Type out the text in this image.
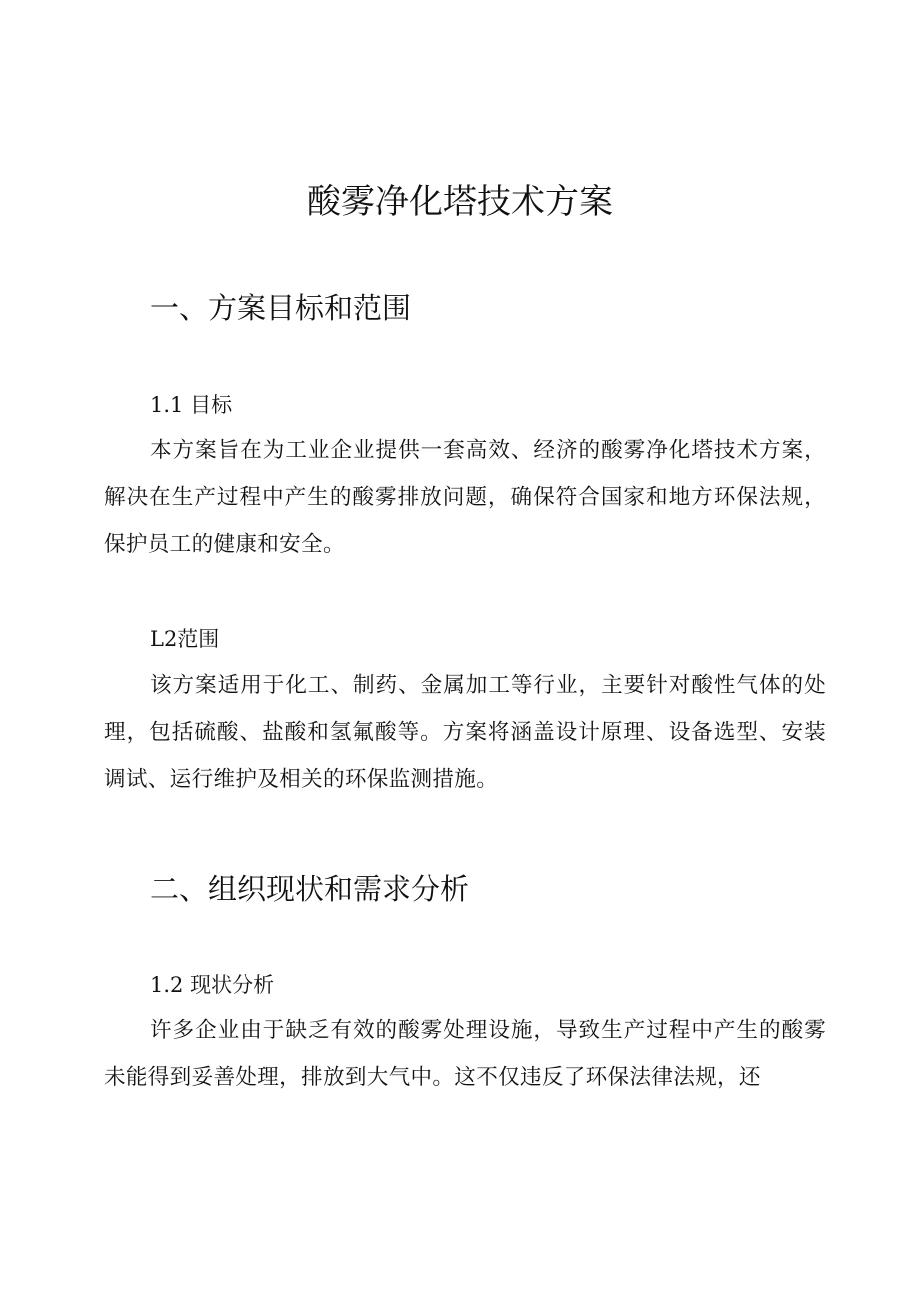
酸雾净化塔技术方案
一、方案目标和范围
1.1 目标

本方案旨在为工业企业提供一套高效、经济的酸雾净化塔技术方案，解决在生产过程中产生的酸雾排放问题，确保符合国家和地方环保法规，保护员工的健康和安全。

L2范围

该方案适用于化工、制药、金属加工等行业，主要针对酸性气体的处理，包括硫酸、盐酸和氢氟酸等。方案将涵盖设计原理、设备选型、安装调试、运行维护及相关的环保监测措施。

二、组织现状和需求分析
1.2 现状分析

许多企业由于缺乏有效的酸雾处理设施，导致生产过程中产生的酸雾未能得到妥善处理，排放到大气中。这不仅违反了环保法律法规，还
